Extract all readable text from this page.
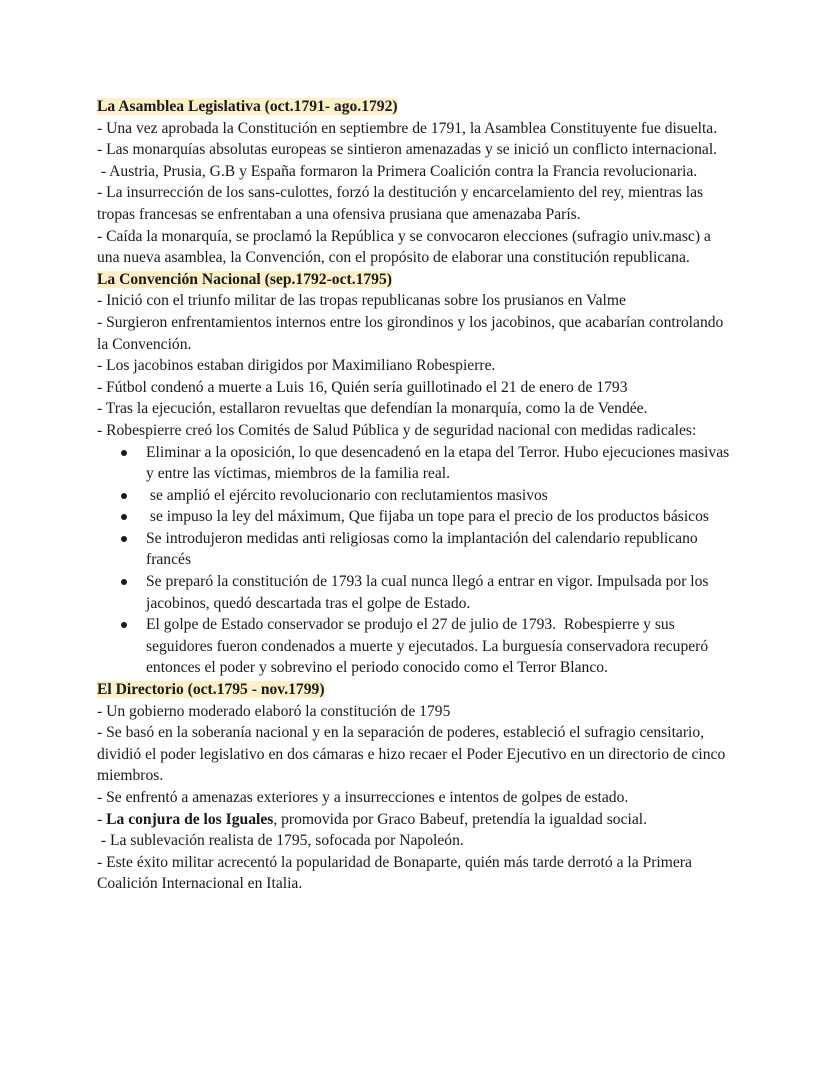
La Asamblea Legislativa (oct.1791- ago.1792)

- Una vez aprobada la Constitución en septiembre de 1791, la Asamblea Constituyente fue disuelta.

- Las monarquías absolutas europeas se sintieron amenazadas y se inició un conflicto internacional.

- Austria, Prusia, G.B y España formaron la Primera Coalición contra la Francia revolucionaria.

- La insurrección de los sans-culottes, forzó la destitución y encarcelamiento del rey, mientras las tropas francesas se enfrentaban a una ofensiva prusiana que amenazaba París.

- Caída la monarquía, se proclamó la República y se convocaron elecciones (sufragio univ.masc) a una nueva asamblea, la Convención, con el propósito de elaborar una constitución republicana.

La Convención Nacional (sep.1792-oct.1795)

- Inició con el triunfo militar de las tropas republicanas sobre los prusianos en Valme

- Surgieron enfrentamientos internos entre los girondinos y los jacobinos, que acabarían controlando la Convención.

- Los jacobinos estaban dirigidos por Maximiliano Robespierre.

- Fútbol condenó a muerte a Luis 16, Quién sería guillotinado el 21 de enero de 1793

- Tras la ejecución, estallaron revueltas que defendían la monarquía, como la de Vendée.

- Robespierre creó los Comités de Salud Pública y de seguridad nacional con medidas radicales:

Eliminar a la oposición, lo que desencadenó en la etapa del Terror. Hubo ejecuciones masivas y entre las víctimas, miembros de la familia real.
se amplió el ejército revolucionario con reclutamientos masivos
se impuso la ley del máximum, Que fijaba un tope para el precio de los productos básicos
Se introdujeron medidas anti religiosas como la implantación del calendario republicano francés
Se preparó la constitución de 1793 la cual nunca llegó a entrar en vigor. Impulsada por los jacobinos, quedó descartada tras el golpe de Estado.
El golpe de Estado conservador se produjo el 27 de julio de 1793.  Robespierre y sus seguidores fueron condenados a muerte y ejecutados. La burguesía conservadora recuperó entonces el poder y sobrevino el periodo conocido como el Terror Blanco.

El Directorio (oct.1795 - nov.1799)

- Un gobierno moderado elaboró la constitución de 1795

- Se basó en la soberanía nacional y en la separación de poderes, estableció el sufragio censitario, dividió el poder legislativo en dos cámaras e hizo recaer el Poder Ejecutivo en un directorio de cinco miembros.

- Se enfrentó a amenazas exteriores y a insurrecciones e intentos de golpes de estado.

- La conjura de los Iguales, promovida por Graco Babeuf, pretendía la igualdad social.

- La sublevación realista de 1795, sofocada por Napoleón.

- Este éxito militar acrecentó la popularidad de Bonaparte, quién más tarde derrotó a la Primera Coalición Internacional en Italia.
